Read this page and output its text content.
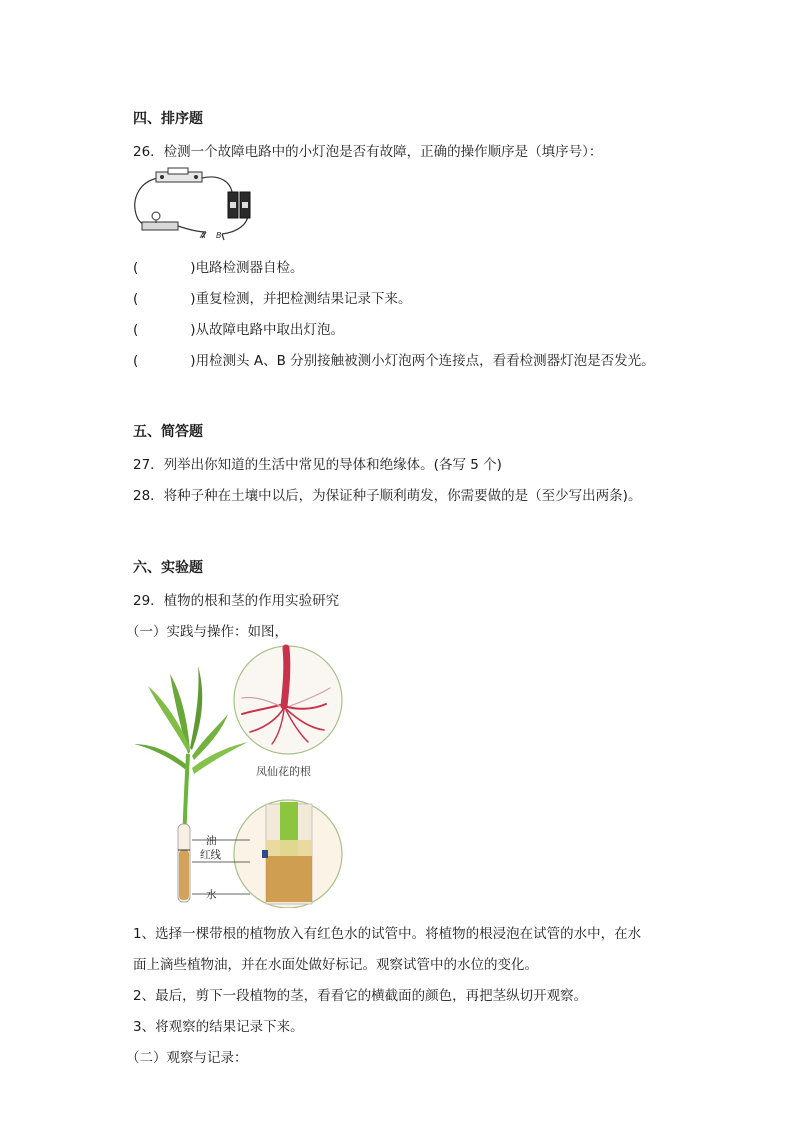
四、排序题
26．检测一个故障电路中的小灯泡是否有故障，正确的操作顺序是（填序号）：
A B
(	)电路检测器自检。
(	)重复检测，并把检测结果记录下来。
(	)从故障电路中取出灯泡。
(	)用检测头 A、B 分别接触被测小灯泡两个连接点，看看检测器灯泡是否发光。
五、简答题
27．列举出你知道的生活中常见的导体和绝缘体。(各写 5 个)
28．将种子种在土壤中以后，为保证种子顺利萌发，你需要做的是（至少写出两条)。
六、实验题
29．植物的根和茎的作用实验研究
（一）实践与操作：如图，
凤仙花的根
油
红线
水
1、选择一棵带根的植物放入有红色水的试管中。将植物的根浸泡在试管的水中，在水
面上滴些植物油，并在水面处做好标记。观察试管中的水位的变化。
2、最后，剪下一段植物的茎，看看它的横截面的颜色，再把茎纵切开观察。
3、将观察的结果记录下来。
（二）观察与记录：
